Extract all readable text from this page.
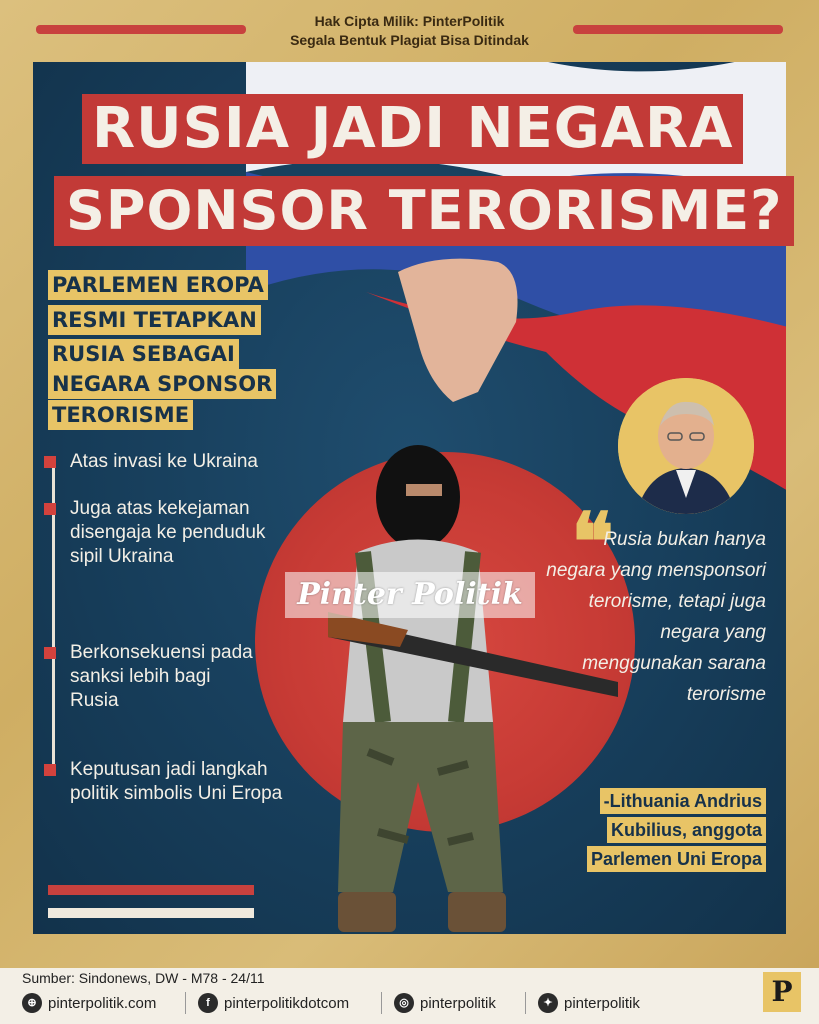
Hak Cipta Milik: PinterPolitik
Segala Bentuk Plagiat Bisa Ditindak
Pinter Politik
❝
Rusia bukan hanya negara yang mensponsori terorisme, tetapi juga negara yang menggunakan sarana terorisme
-Lithuania Andrius
Kubilius, anggota
Parlemen Uni Eropa
RUSIA JADI NEGARA
SPONSOR TERORISME?
PARLEMEN EROPA
RESMI TETAPKAN
RUSIA SEBAGAI
NEGARA SPONSOR
TERORISME
Atas invasi ke Ukraina
Juga atas kekejaman disengaja ke penduduk sipil Ukraina
Berkonsekuensi pada sanksi lebih bagi Rusia
Keputusan jadi langkah politik simbolis Uni Eropa
Sumber: Sindonews, DW - M78 - 24/11
⊕ pinterpolitik.com	f pinterpolitikdotcom	◎ pinterpolitik	✦ pinterpolitik	P
